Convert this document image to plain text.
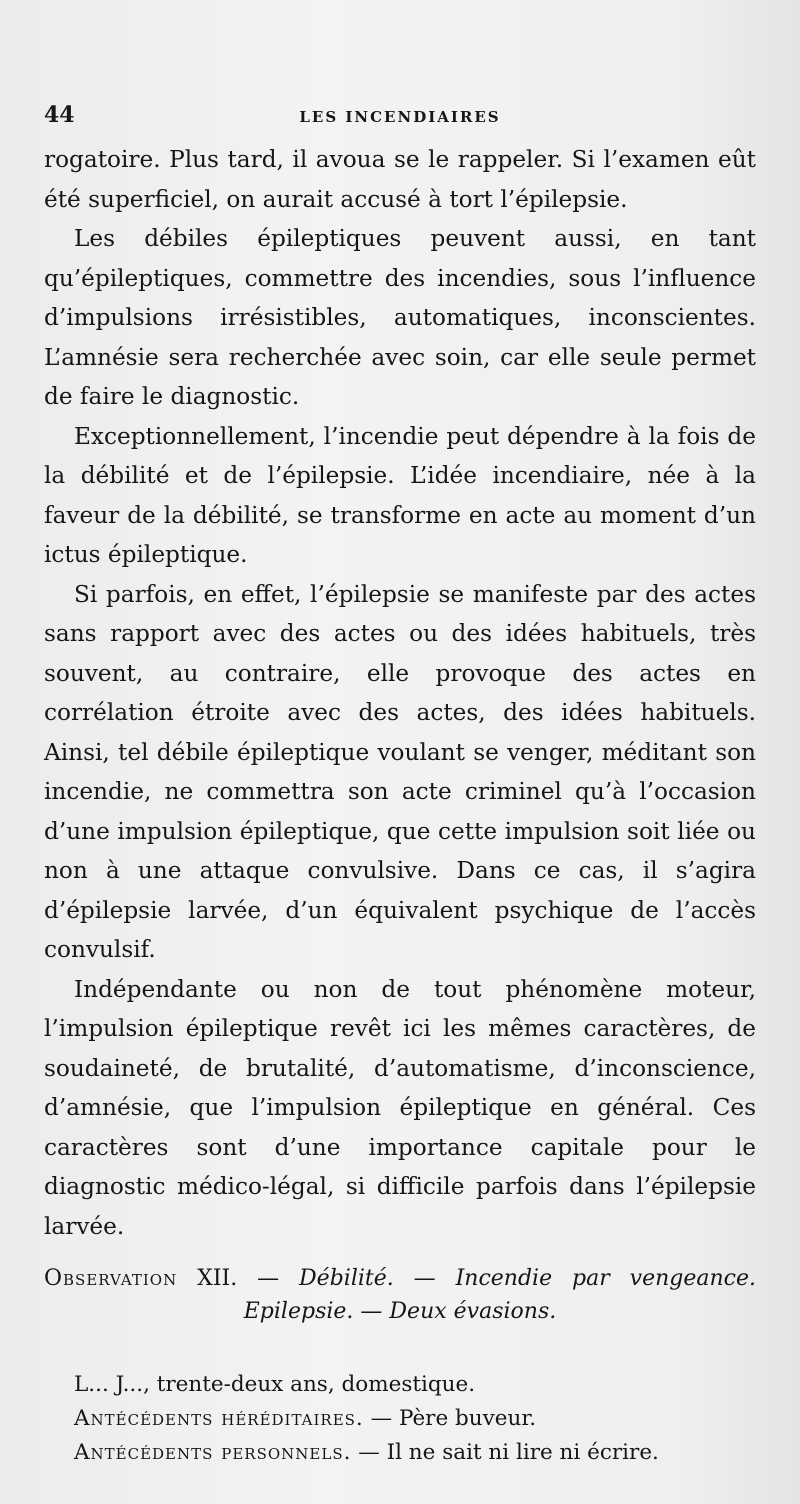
44	LES INCENDIAIRES

rogatoire. Plus tard, il avoua se le rappeler. Si l’examen eût été superficiel, on aurait accusé à tort l’épilepsie.

Les débiles épileptiques peuvent aussi, en tant qu’épileptiques, commettre des incendies, sous l’influence d’impulsions irrésistibles, automatiques, inconscientes. L’amnésie sera recherchée avec soin, car elle seule permet de faire le diagnostic.

Exceptionnellement, l’incendie peut dépendre à la fois de la débilité et de l’épilepsie. L’idée incendiaire, née à la faveur de la débilité, se transforme en acte au moment d’un ictus épileptique.

Si parfois, en effet, l’épilepsie se manifeste par des actes sans rapport avec des actes ou des idées habituels, très souvent, au contraire, elle provoque des actes en corrélation étroite avec des actes, des idées habituels. Ainsi, tel débile épileptique voulant se venger, méditant son incendie, ne commettra son acte criminel qu’à l’occasion d’une impulsion épileptique, que cette impulsion soit liée ou non à une attaque convulsive. Dans ce cas, il s’agira d’épilepsie larvée, d’un équivalent psychique de l’accès convulsif.

Indépendante ou non de tout phénomène moteur, l’impulsion épileptique revêt ici les mêmes caractères, de soudaineté, de brutalité, d’automatisme, d’inconscience, d’amnésie, que l’impulsion épileptique en général. Ces caractères sont d’une importance capitale pour le diagnostic médico-légal, si difficile parfois dans l’épilepsie larvée.

Observation XII. — Débilité. — Incendie par vengeance.
Epilepsie. — Deux évasions.

L... J..., trente-deux ans, domestique.

Antécédents héréditaires. — Père buveur.

Antécédents personnels. — Il ne sait ni lire ni écrire.
